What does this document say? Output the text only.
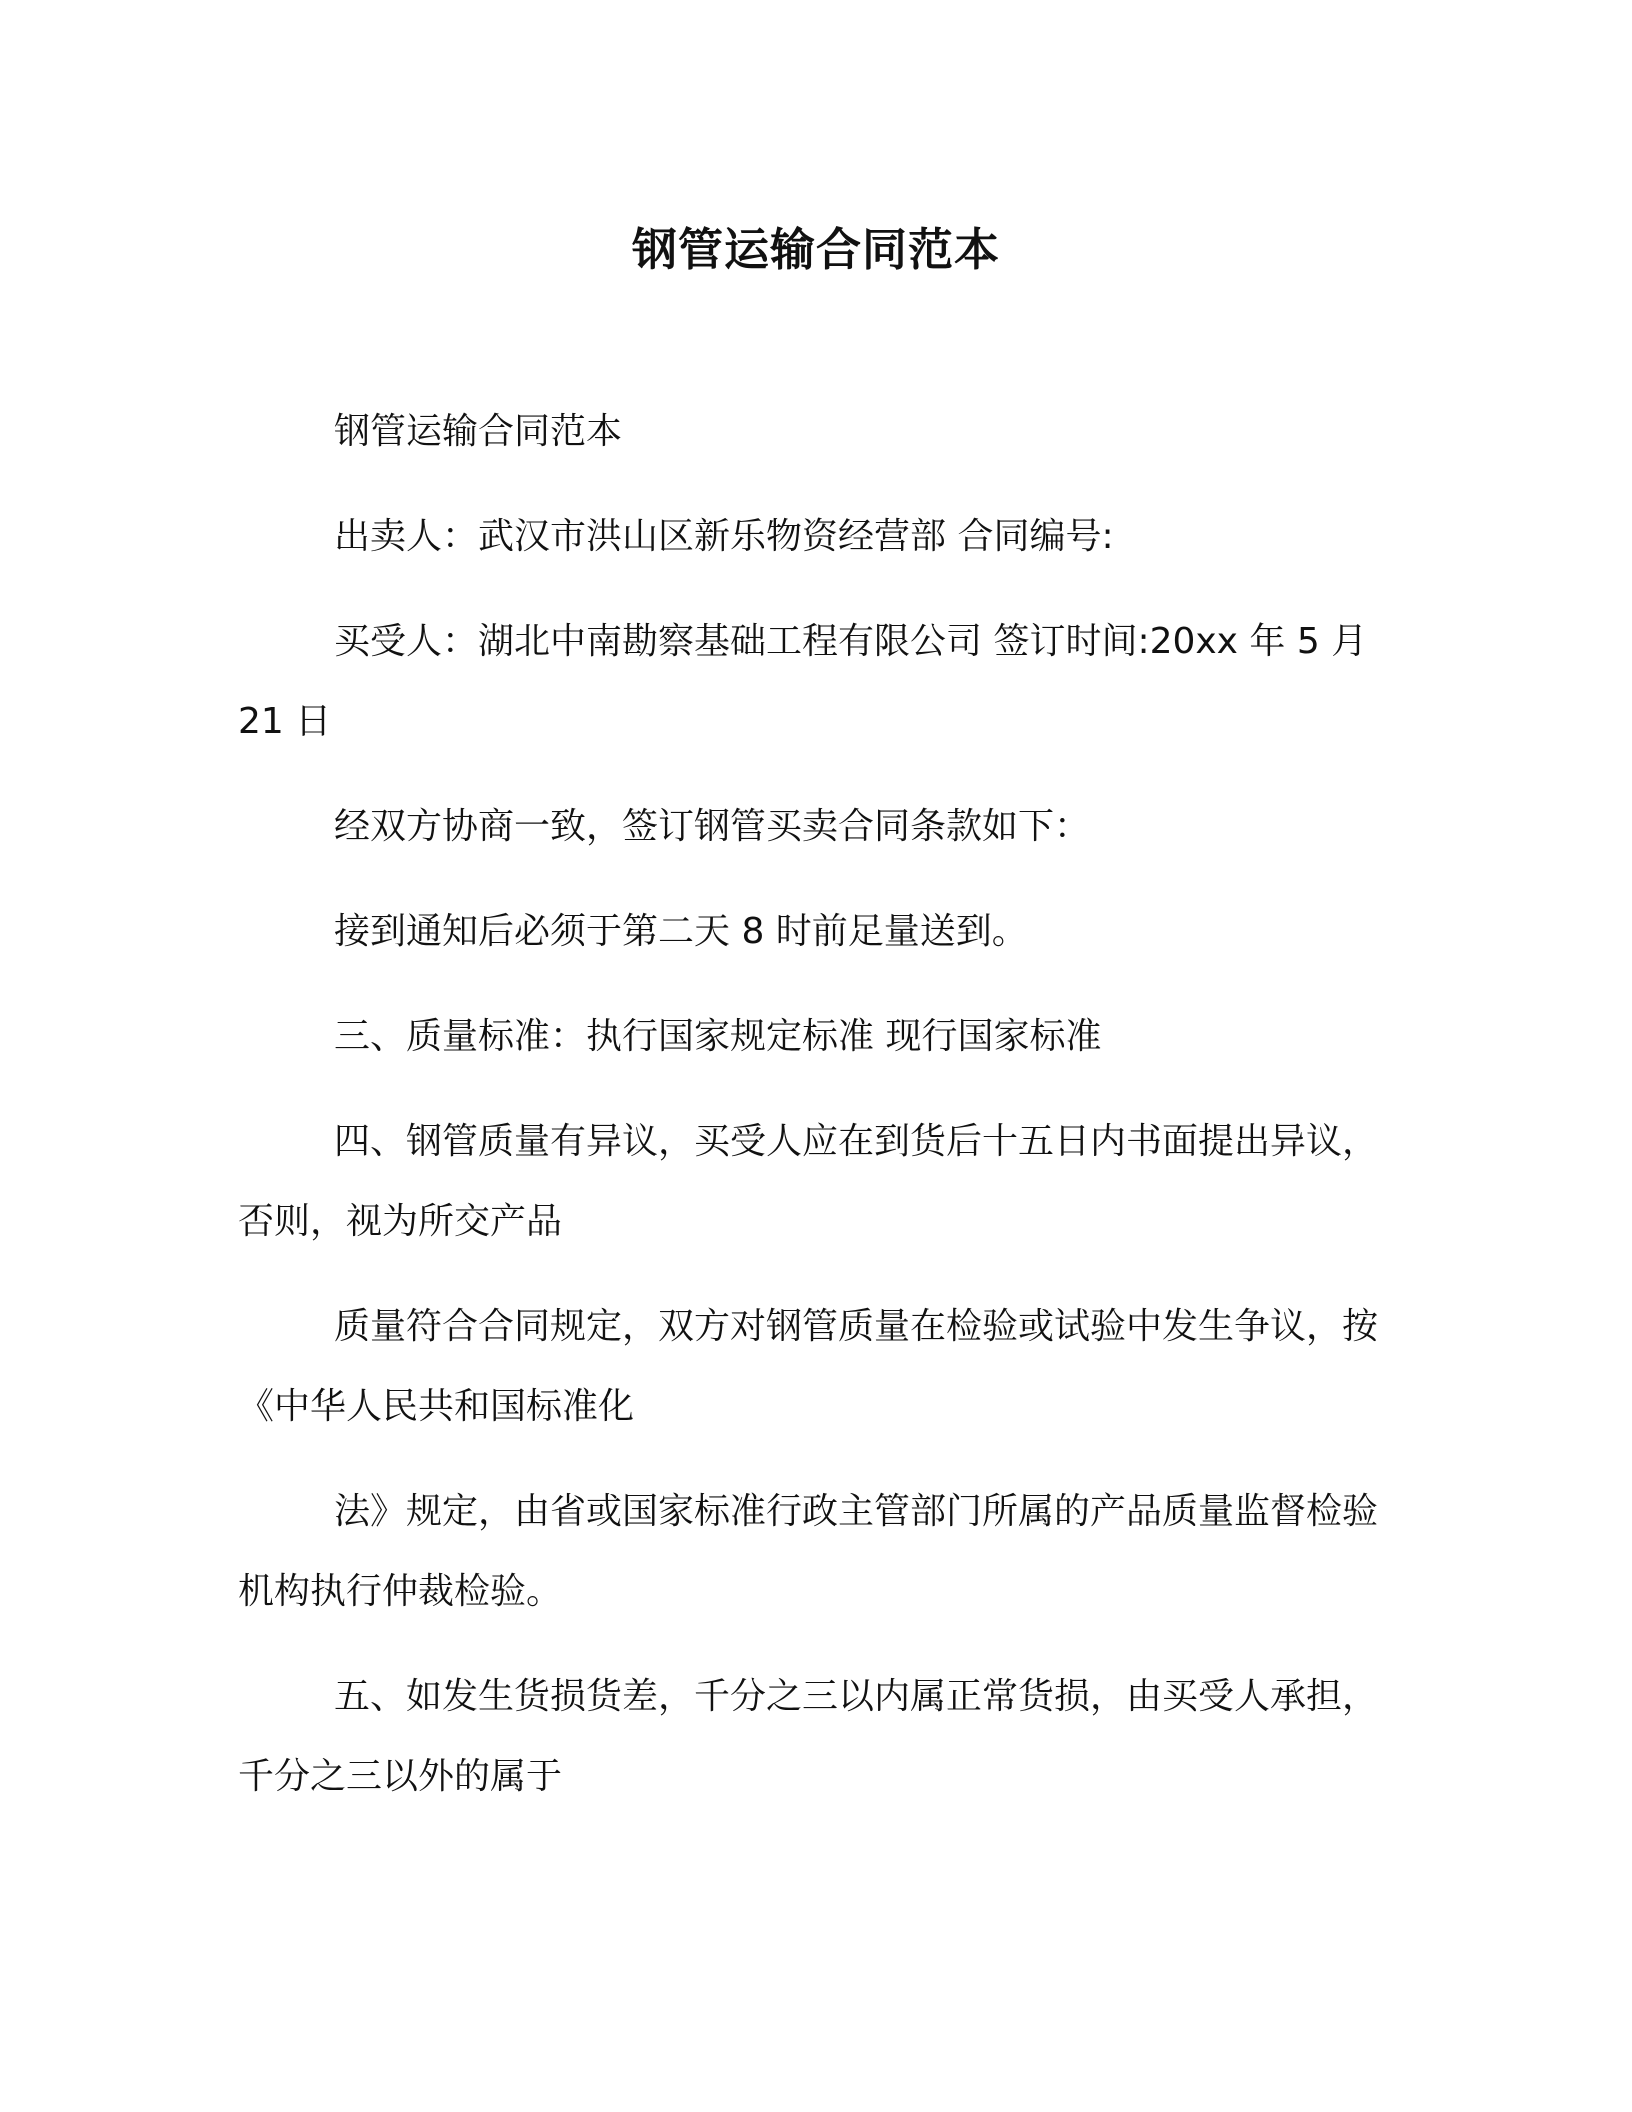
钢管运输合同范本

钢管运输合同范本

出卖人：武汉市洪山区新乐物资经营部 合同编号:

买受人：湖北中南勘察基础工程有限公司 签订时间:20xx 年 5 月 21 日

经双方协商一致，签订钢管买卖合同条款如下：

接到通知后必须于第二天 8 时前足量送到。

三、质量标准：执行国家规定标准 现行国家标准

四、钢管质量有异议，买受人应在到货后十五日内书面提出异议，否则，视为所交产品

质量符合合同规定，双方对钢管质量在检验或试验中发生争议，按《中华人民共和国标准化

法》规定，由省或国家标准行政主管部门所属的产品质量监督检验机构执行仲裁检验。

五、如发生货损货差，千分之三以内属正常货损，由买受人承担，千分之三以外的属于
